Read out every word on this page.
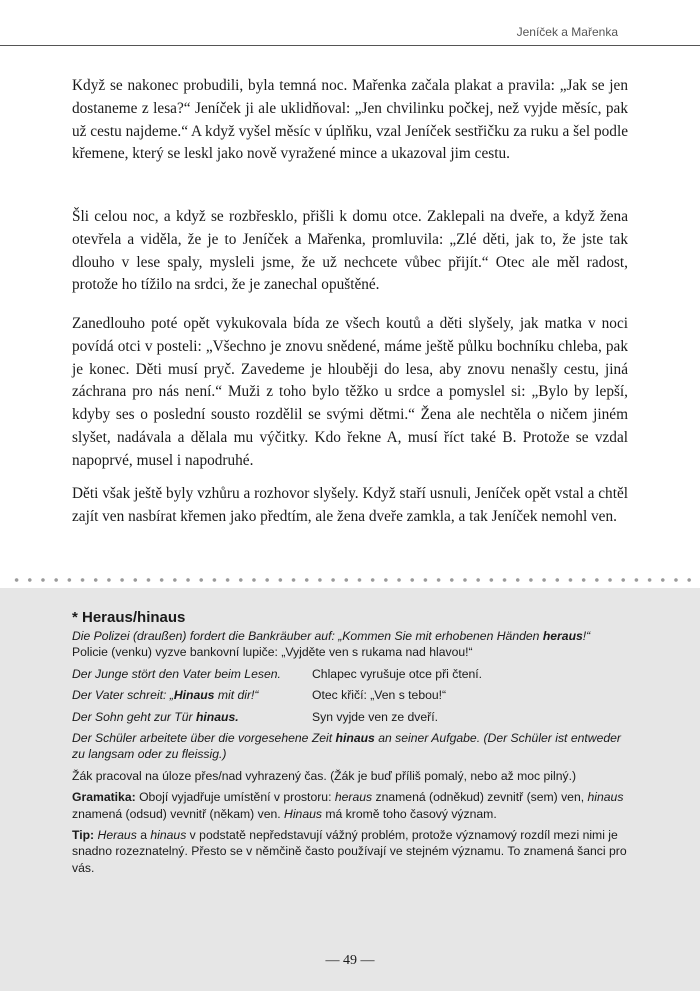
Jeníček a Mařenka

Když se nakonec probudili, byla temná noc. Mařenka začala plakat a pravila: „Jak se jen dostaneme z lesa?“ Jeníček ji ale uklidňoval: „Jen chvilinku počkej, než vyjde měsíc, pak už cestu najdeme.“ A když vyšel měsíc v úplňku, vzal Jeníček sestřičku za ruku a šel podle křemene, který se leskl jako nově vyražené mince a ukazoval jim cestu.

Šli celou noc, a když se rozbřesklo, přišli k domu otce. Zaklepali na dveře, a když žena otevřela a viděla, že je to Jeníček a Mařenka, promluvila: „Zlé děti, jak to, že jste tak dlouho v lese spaly, mysleli jsme, že už nechcete vůbec přijít.“ Otec ale měl radost, protože ho tížilo na srdci, že je zanechal opuštěné.

Zanedlouho poté opět vykukovala bída ze všech koutů a děti slyšely, jak matka v noci povídá otci v posteli: „Všechno je znovu snědené, máme ještě půlku bochníku chleba, pak je konec. Děti musí pryč. Zavedeme je hlouběji do lesa, aby znovu nenašly cestu, jiná záchrana pro nás není.“ Muži z toho bylo těžko u srdce a pomyslel si: „Bylo by lepší, kdyby ses o poslední sousto rozdělil se svými dětmi.“ Žena ale nechtěla o ničem jiném slyšet, nadávala a dělala mu výčitky. Kdo řekne A, musí říct také B. Protože se vzdal napoprvé, musel i napodruhé.

Děti však ještě byly vzhůru a rozhovor slyšely. Když staří usnuli, Jeníček opět vstal a chtěl zajít ven nasbírat křemen jako předtím, ale žena dveře zamkla, a tak Jeníček nemohl ven.

* Heraus/hinaus

Die Polizei (draußen) fordert die Bankräuber auf: „Kommen Sie mit erhobenen Händen heraus!“

Policie (venku) vyzve bankovní lupiče: „Vyjděte ven s rukama nad hlavou!“

Der Junge stört den Vater beim Lesen.	Chlapec vyrušuje otce při čtení.
Der Vater schreit: „Hinaus mit dir!“	Otec křičí: „Ven s tebou!“
Der Sohn geht zur Tür hinaus.	Syn vyjde ven ze dveří.

Der Schüler arbeitete über die vorgesehene Zeit hinaus an seiner Aufgabe. (Der Schüler ist entweder zu langsam oder zu fleissig.)

Žák pracoval na úloze přes/nad vyhrazený čas. (Žák je buď příliš pomalý, nebo až moc pilný.)

Gramatika: Obojí vyjadřuje umístění v prostoru: heraus znamená (odněkud) zevnitř (sem) ven, hinaus znamená (odsud) vevnitř (někam) ven. Hinaus má kromě toho časový význam.

Tip: Heraus a hinaus v podstatě nepředstavují vážný problém, protože významový rozdíl mezi nimi je snadno rozeznatelný. Přesto se v němčině často používají ve stejném významu. To znamená šanci pro vás.

— 49 —
